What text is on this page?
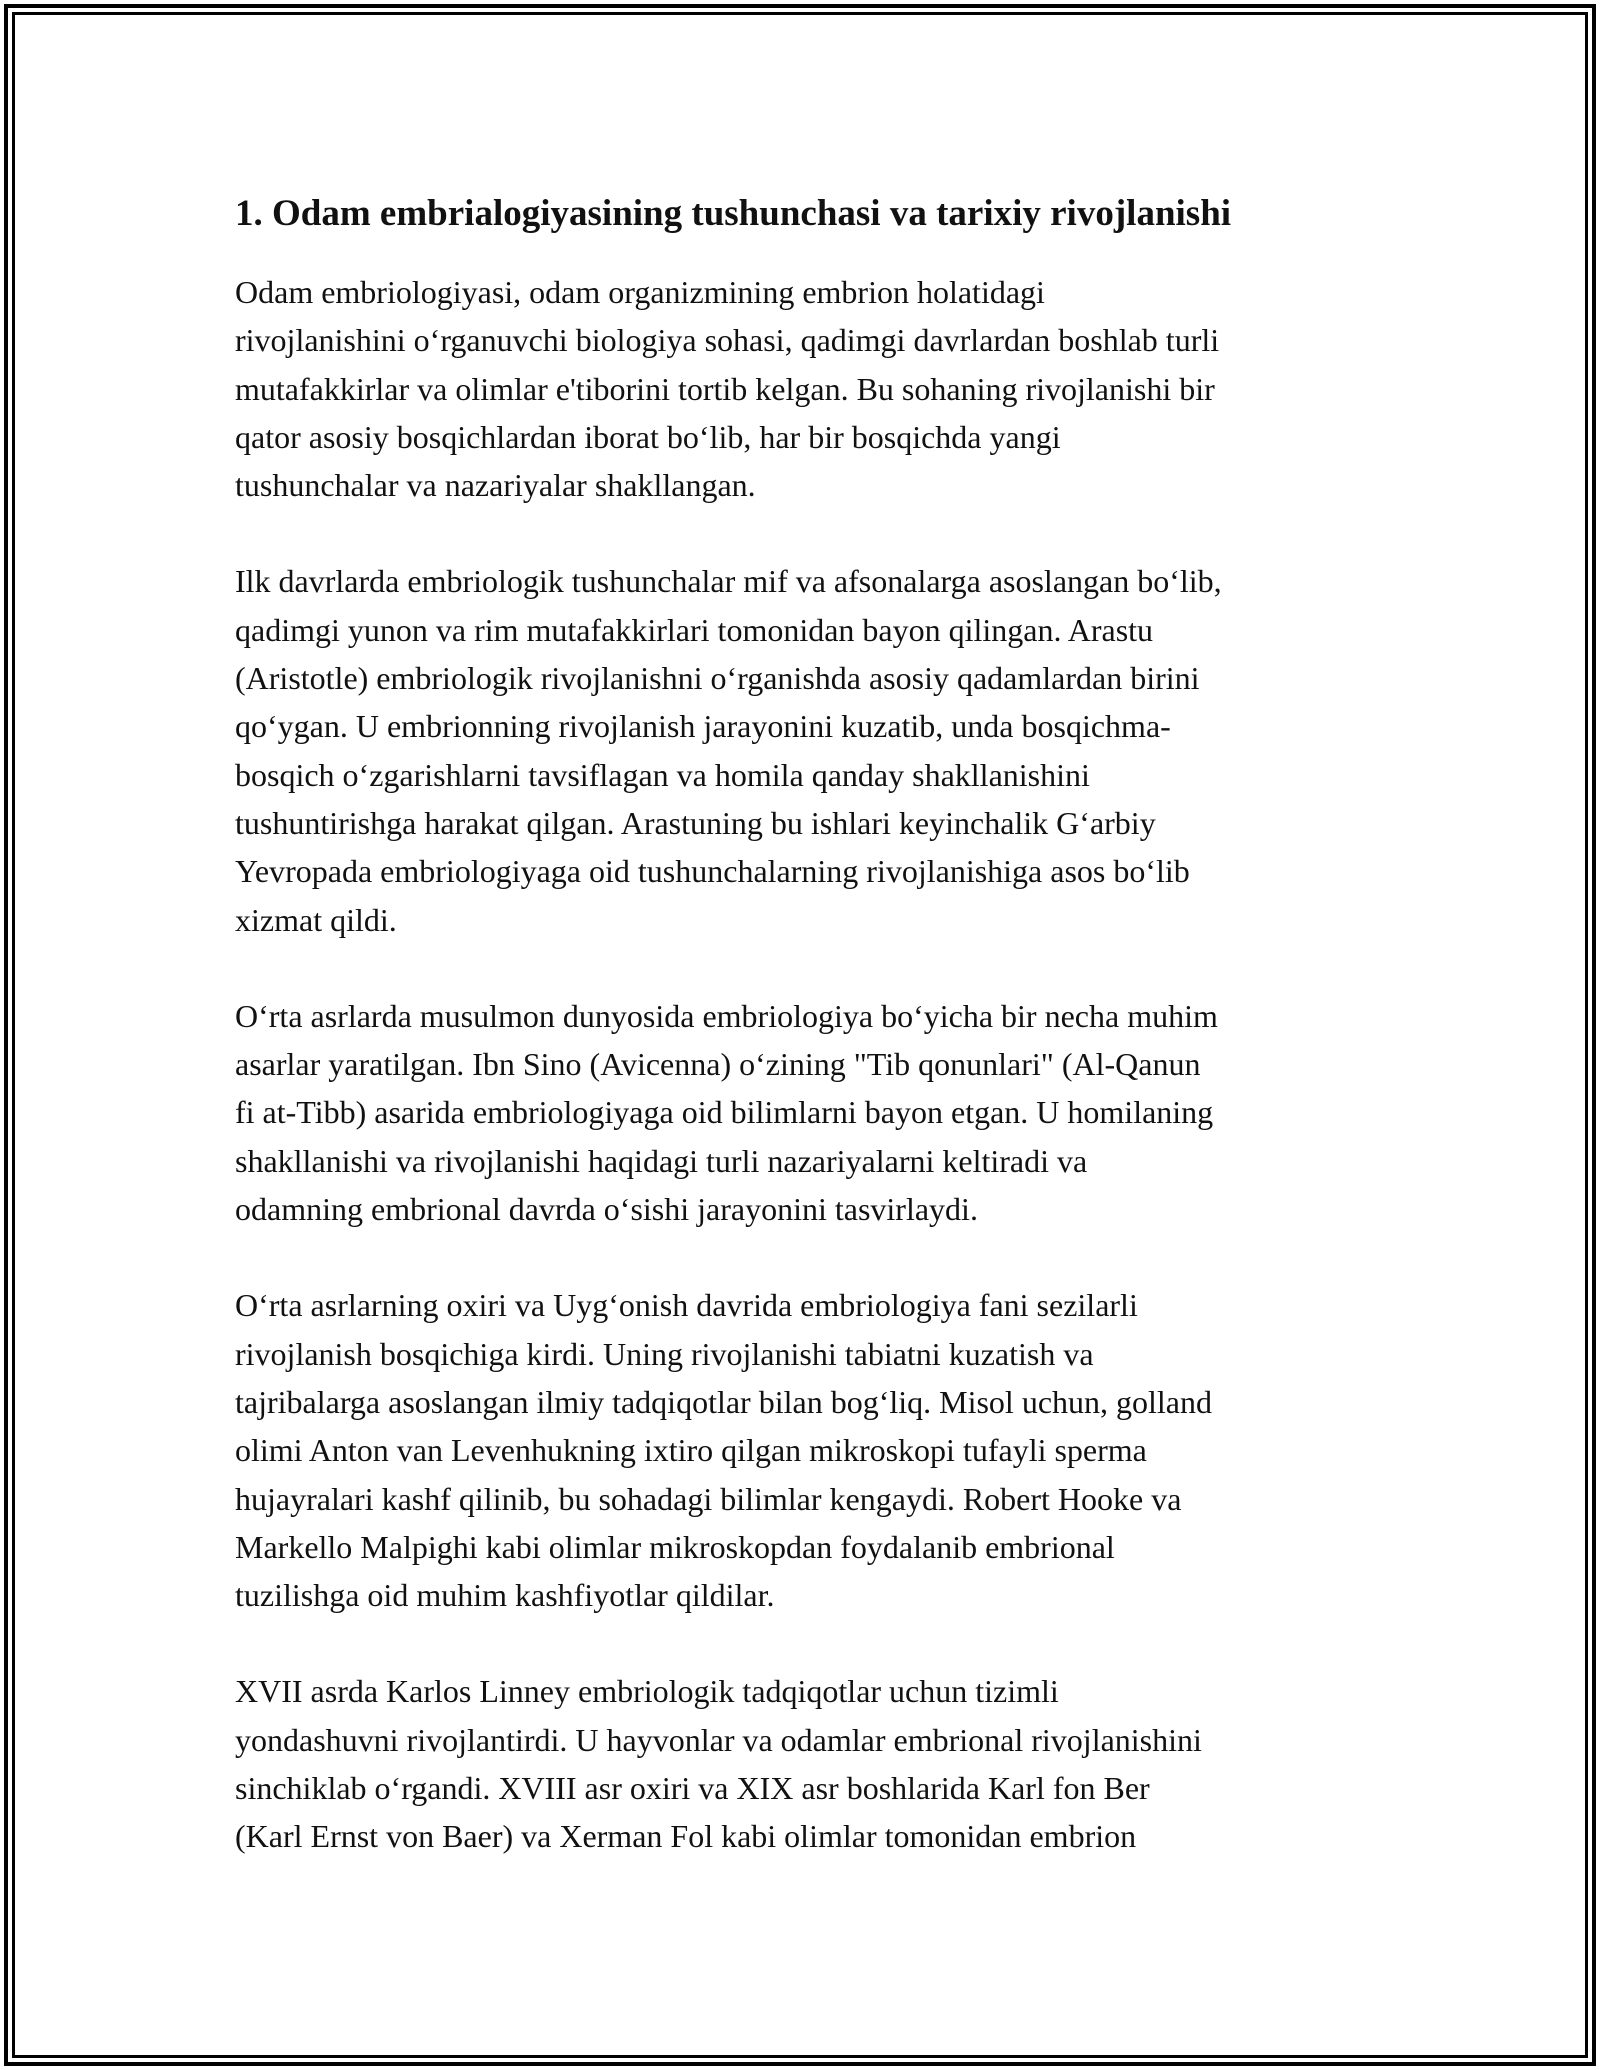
1. Odam embrialogiyasining tushunchasi va tarixiy rivojlanishi

Odam embriologiyasi, odam organizmining embrion holatidagi
rivojlanishini o‘rganuvchi biologiya sohasi, qadimgi davrlardan boshlab turli
mutafakkirlar va olimlar e'tiborini tortib kelgan. Bu sohaning rivojlanishi bir
qator asosiy bosqichlardan iborat bo‘lib, har bir bosqichda yangi
tushunchalar va nazariyalar shakllangan.

Ilk davrlarda embriologik tushunchalar mif va afsonalarga asoslangan bo‘lib,
qadimgi yunon va rim mutafakkirlari tomonidan bayon qilingan. Arastu
(Aristotle) embriologik rivojlanishni o‘rganishda asosiy qadamlardan birini
qo‘ygan. U embrionning rivojlanish jarayonini kuzatib, unda bosqichma-
bosqich o‘zgarishlarni tavsiflagan va homila qanday shakllanishini
tushuntirishga harakat qilgan. Arastuning bu ishlari keyinchalik G‘arbiy
Yevropada embriologiyaga oid tushunchalarning rivojlanishiga asos bo‘lib
xizmat qildi.

O‘rta asrlarda musulmon dunyosida embriologiya bo‘yicha bir necha muhim
asarlar yaratilgan. Ibn Sino (Avicenna) o‘zining "Tib qonunlari" (Al-Qanun
fi at-Tibb) asarida embriologiyaga oid bilimlarni bayon etgan. U homilaning
shakllanishi va rivojlanishi haqidagi turli nazariyalarni keltiradi va
odamning embrional davrda o‘sishi jarayonini tasvirlaydi.

O‘rta asrlarning oxiri va Uyg‘onish davrida embriologiya fani sezilarli
rivojlanish bosqichiga kirdi. Uning rivojlanishi tabiatni kuzatish va
tajribalarga asoslangan ilmiy tadqiqotlar bilan bog‘liq. Misol uchun, golland
olimi Anton van Levenhukning ixtiro qilgan mikroskopi tufayli sperma
hujayralari kashf qilinib, bu sohadagi bilimlar kengaydi. Robert Hooke va
Markello Malpighi kabi olimlar mikroskopdan foydalanib embrional
tuzilishga oid muhim kashfiyotlar qildilar.

XVII asrda Karlos Linney embriologik tadqiqotlar uchun tizimli
yondashuvni rivojlantirdi. U hayvonlar va odamlar embrional rivojlanishini
sinchiklab o‘rgandi. XVIII asr oxiri va XIX asr boshlarida Karl fon Ber
(Karl Ernst von Baer) va Xerman Fol kabi olimlar tomonidan embrion
